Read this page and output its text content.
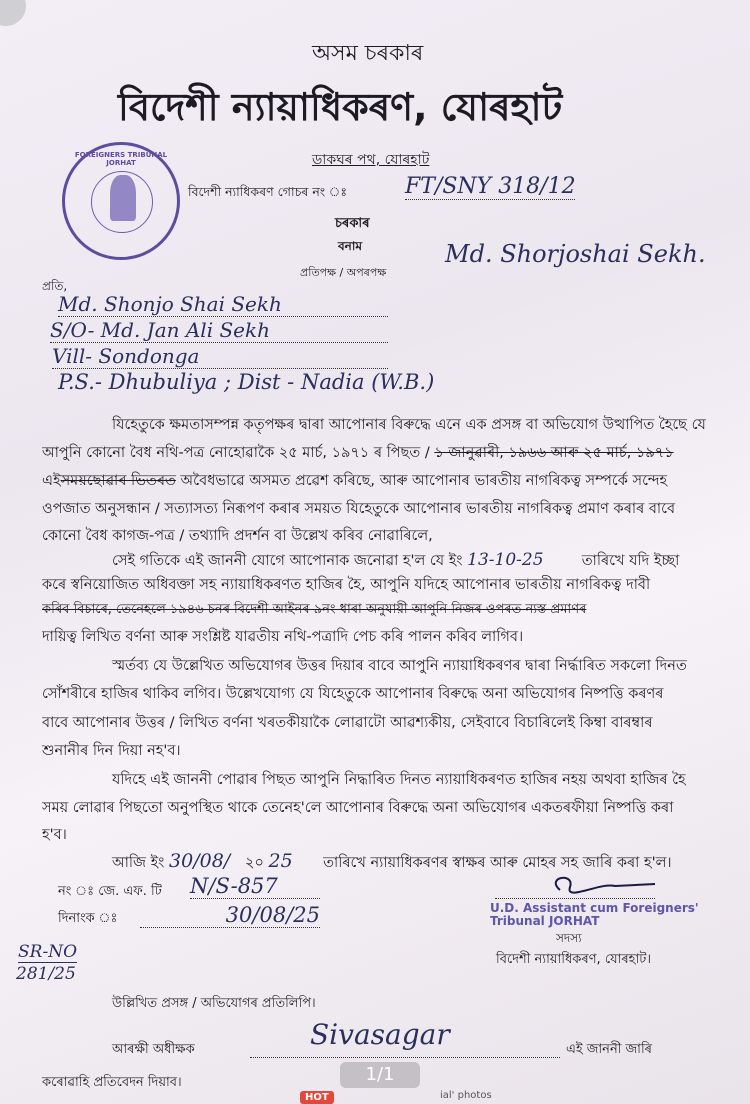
অসম চৰকাৰ
বিদেশী ন্যায়াধিকৰণ, যোৰহাট
ডাকঘৰ পথ, যোৰহাট
FOREIGNERS TRIBUNAL JORHAT
বিদেশী ন্যাধিকৰণ গোচৰ নং ঃ	FT/SNY 318/12
চৰকাৰ
বনাম
প্ৰতিপক্ষ / অপৰপক্ষ
Md. Shorjoshai Sekh.
প্ৰতি,
Md. Shonjo Shai Sekh
S/O- Md. Jan Ali Sekh
Vill- Sondonga
P.S.- Dhubuliya ; Dist - Nadia (W.B.)
যিহেতুকে ক্ষমতাসম্পন্ন কতৃপক্ষৰ দ্বাৰা আপোনাৰ বিৰুদ্ধে এনে এক প্ৰসঙ্গ বা অভিযোগ উত্থাপিত হৈছে যে
আপুনি কোনো বৈধ নথি-পত্ৰ নোহোৱাকৈ ২৫ মাৰ্চ, ১৯৭১ ৰ পিছত / ১ জানুৱাৰী, ১৯৬৬ আৰু ২৫ মাৰ্চ, ১৯৭১
এইসময়ছোৱাৰ ভিতৰত অবৈধভাৱে অসমত প্ৰৱেশ কৰিছে, আৰু আপোনাৰ ভাৰতীয় নাগৰিকত্ব সম্পৰ্কে সন্দেহ
ওপজাত অনুসন্ধান / সত্যাসত্য নিৰূপণ কৰাৰ সময়ত যিহেতুকে আপোনাৰ ভাৰতীয় নাগৰিকত্ব প্ৰমাণ কৰাৰ বাবে
কোনো বৈধ কাগজ-পত্ৰ / তথ্যাদি প্ৰদৰ্শন বা উল্লেখ কৰিব নোৱাৰিলে,
সেই গতিকে এই জাননী যোগে আপোনাক জনোৱা হ'ল যে ইং 13-10-25	তাৰিখে যদি ইচ্ছা
কৰে স্বনিয়োজিত অধিবক্তা সহ ন্যায়াধিকৰণত হাজিৰ হৈ, আপুনি যদিহে আপোনাৰ ভাৰতীয় নাগৰিকত্ব দাবী
কৰিব বিচাৰে, তেনেহলে ১৯৪৬ চনৰ বিদেশী আইনৰ ৯নং ধাৰা অনুযায়ী আপুনি নিজৰ ওপৰত ন্যস্ত প্ৰমাণৰ
দায়িত্ব লিখিত বৰ্ণনা আৰু সংশ্লিষ্ট যাৱতীয় নথি-পত্ৰাদি পেচ কৰি পালন কৰিব লাগিব।
স্মৰ্তব্য যে উল্লেখিত অভিযোগৰ উত্তৰ দিয়াৰ বাবে আপুনি ন্যায়াধিকৰণৰ দ্বাৰা নিৰ্দ্ধাৰিত সকলো দিনত
সোঁশৰীৰে হাজিৰ থাকিব লগিব। উল্লেখযোগ্য যে যিহেতুকে আপোনাৰ বিৰুদ্ধে অনা অভিযোগৰ নিষ্পত্তি কৰণৰ
বাবে আপোনাৰ উত্তৰ / লিখিত বৰ্ণনা খৰতকীয়াকৈ লোৱাটো আৱশ্যকীয়, সেইবাবে বিচাৰিলেই কিম্বা বাৰম্বাৰ
শুনানীৰ দিন দিয়া নহ'ব।
যদিহে এই জাননী পোৱাৰ পিছত আপুনি নিদ্ধাৰিত দিনত ন্যায়াধিকৰণত হাজিৰ নহয় অথবা হাজিৰ হৈ
সময় লোৱাৰ পিছতো অনুপস্থিত থাকে তেনেহ'লে আপোনাৰ বিৰুদ্ধে অনা অভিযোগৰ একতৰফীয়া নিষ্পত্তি কৰা
হ'ব।
আজি ইং 30/08/ ২০ 25 তাৰিখে ন্যায়াধিকৰণৰ স্বাক্ষৰ আৰু মোহৰ সহ জাৰি কৰা হ'ল।
নং ঃ জে. এফ. টি N/S-857
দিনাংক ঃ	30/08/25	U.D. Assistant cum Foreigners' Tribunal JORHAT
সদস্য
বিদেশী ন্যায়াধিকৰণ, যোৰহাট।
SR-NO
281/25
উল্লিখিত প্ৰসঙ্গ / অভিযোগৰ প্ৰতিলিপি।
আৰক্ষী অধীক্ষক	Sivasagar	এই জাননী জাৰি
কৰোৱাহি প্ৰতিবেদন দিয়াব।	1/1
HOT	ial' photos
